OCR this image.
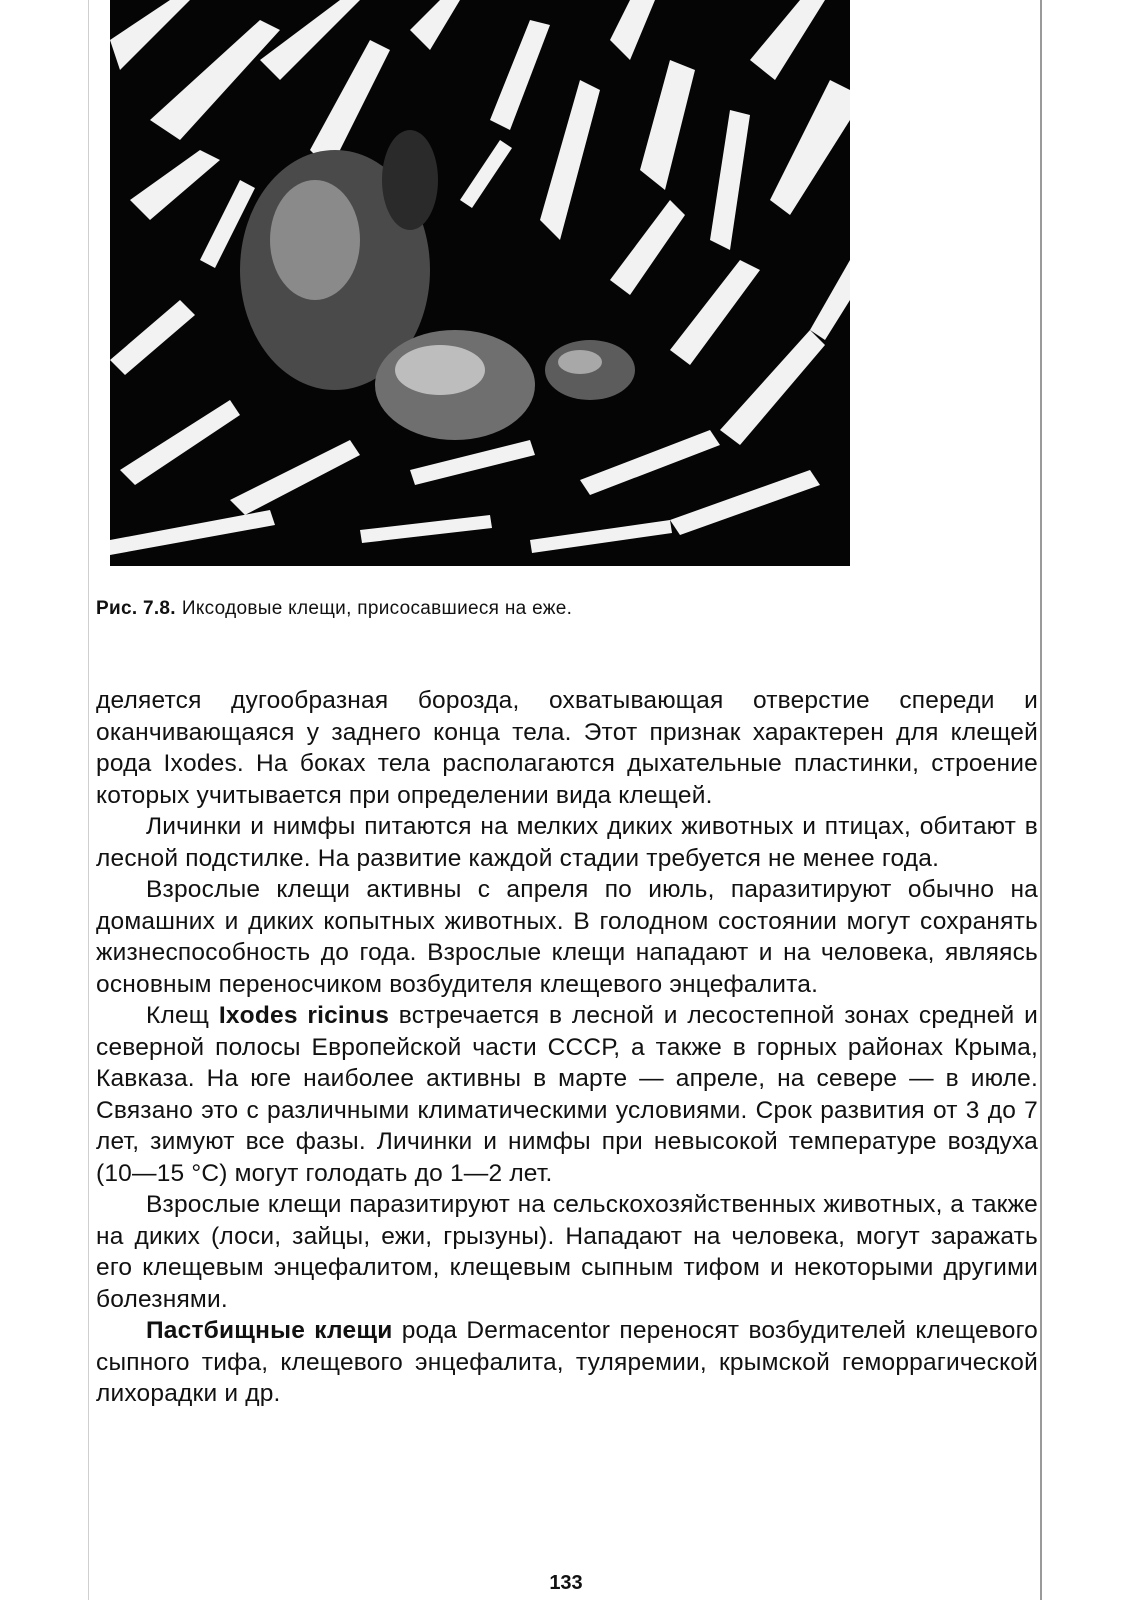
Рис. 7.8. Иксодовые клещи, присосавшиеся на еже.

деляется дугообразная борозда, охватывающая отверстие спереди и оканчивающаяся у заднего конца тела. Этот признак характерен для клещей рода Ixodes. На боках тела располагаются дыхательные пластинки, строение которых учитывается при определении вида клещей.

Личинки и нимфы питаются на мелких диких животных и птицах, обитают в лесной подстилке. На развитие каждой стадии требуется не менее года.

Взрослые клещи активны с апреля по июль, паразитируют обычно на домашних и диких копытных животных. В голодном состоянии могут сохранять жизнеспособность до года. Взрослые клещи нападают и на человека, являясь основным переносчиком возбудителя клещевого энцефалита.

Клещ Ixodes ricinus встречается в лесной и лесостепной зонах средней и северной полосы Европейской части СССР, а также в горных районах Крыма, Кавказа. На юге наиболее активны в марте — апреле, на севере — в июле. Связано это с различными климатическими условиями. Срок развития от 3 до 7 лет, зимуют все фазы. Личинки и нимфы при невысокой температуре воздуха (10—15 °С) могут голодать до 1—2 лет.

Взрослые клещи паразитируют на сельскохозяйственных животных, а также на диких (лоси, зайцы, ежи, грызуны). Нападают на человека, могут заражать его клещевым энцефалитом, клещевым сыпным тифом и некоторыми другими болезнями.

Пастбищные клещи рода Dermacentor переносят возбудителей клещевого сыпного тифа, клещевого энцефалита, туляремии, крымской геморрагической лихорадки и др.

133
